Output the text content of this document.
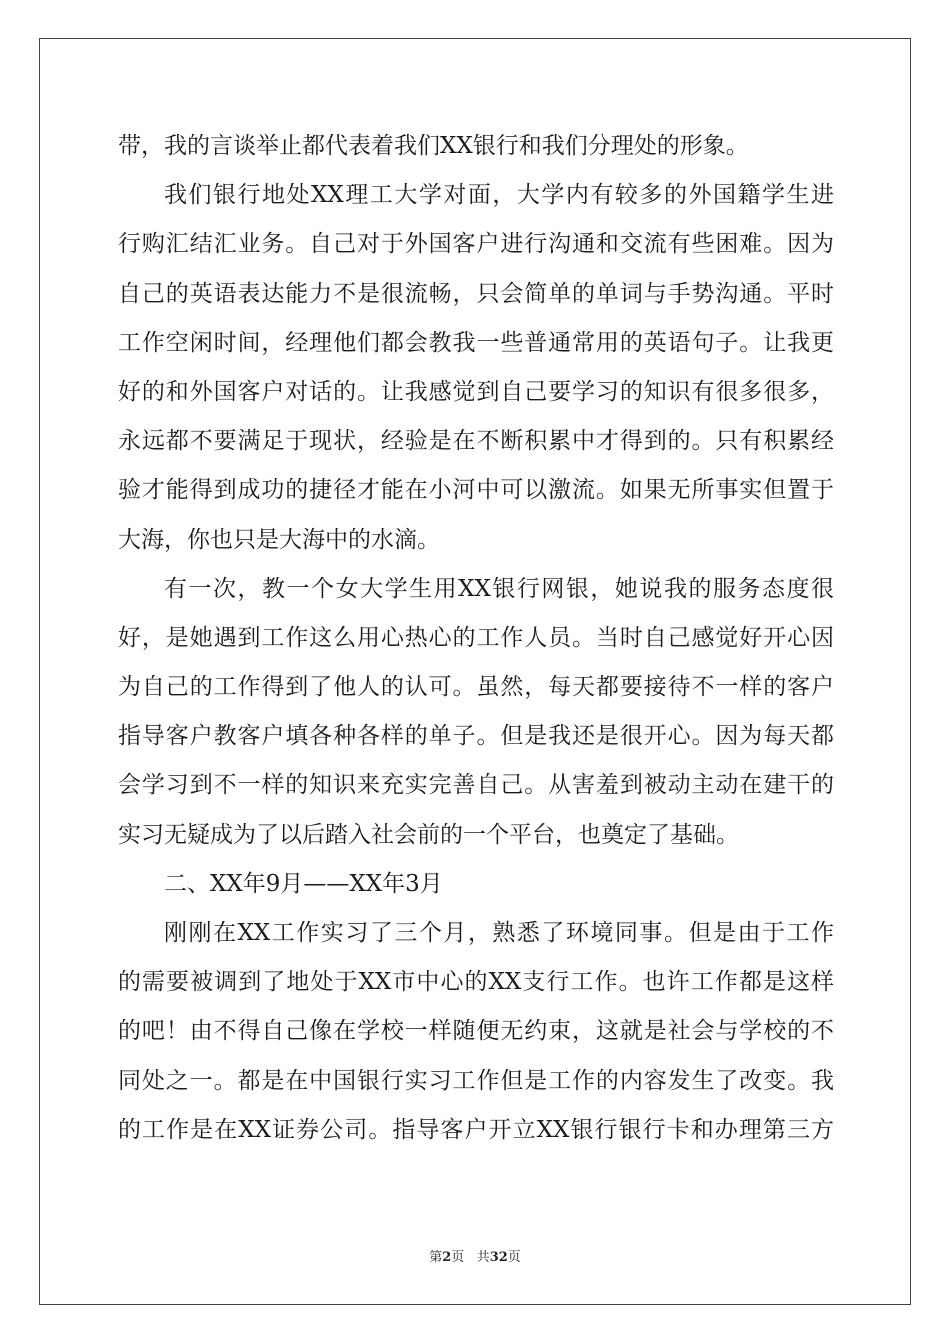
带，我的言谈举止都代表着我们XX银行和我们分理处的形象。
我们银行地处XX理工大学对面，大学内有较多的外国籍学生进
行购汇结汇业务。自己对于外国客户进行沟通和交流有些困难。因为
自己的英语表达能力不是很流畅，只会简单的单词与手势沟通。平时
工作空闲时间，经理他们都会教我一些普通常用的英语句子。让我更
好的和外国客户对话的。让我感觉到自己要学习的知识有很多很多，
永远都不要满足于现状，经验是在不断积累中才得到的。只有积累经
验才能得到成功的捷径才能在小河中可以激流。如果无所事实但置于
大海，你也只是大海中的水滴。
有一次，教一个女大学生用XX银行网银，她说我的服务态度很
好，是她遇到工作这么用心热心的工作人员。当时自己感觉好开心因
为自己的工作得到了他人的认可。虽然，每天都要接待不一样的客户
指导客户教客户填各种各样的单子。但是我还是很开心。因为每天都
会学习到不一样的知识来充实完善自己。从害羞到被动主动在建干的
实习无疑成为了以后踏入社会前的一个平台，也奠定了基础。
二、XX年9月——XX年3月
刚刚在XX工作实习了三个月，熟悉了环境同事。但是由于工作
的需要被调到了地处于XX市中心的XX支行工作。也许工作都是这样
的吧！由不得自己像在学校一样随便无约束，这就是社会与学校的不
同处之一。都是在中国银行实习工作但是工作的内容发生了改变。我
的工作是在XX证券公司。指导客户开立XX银行银行卡和办理第三方
第2页 共32页
